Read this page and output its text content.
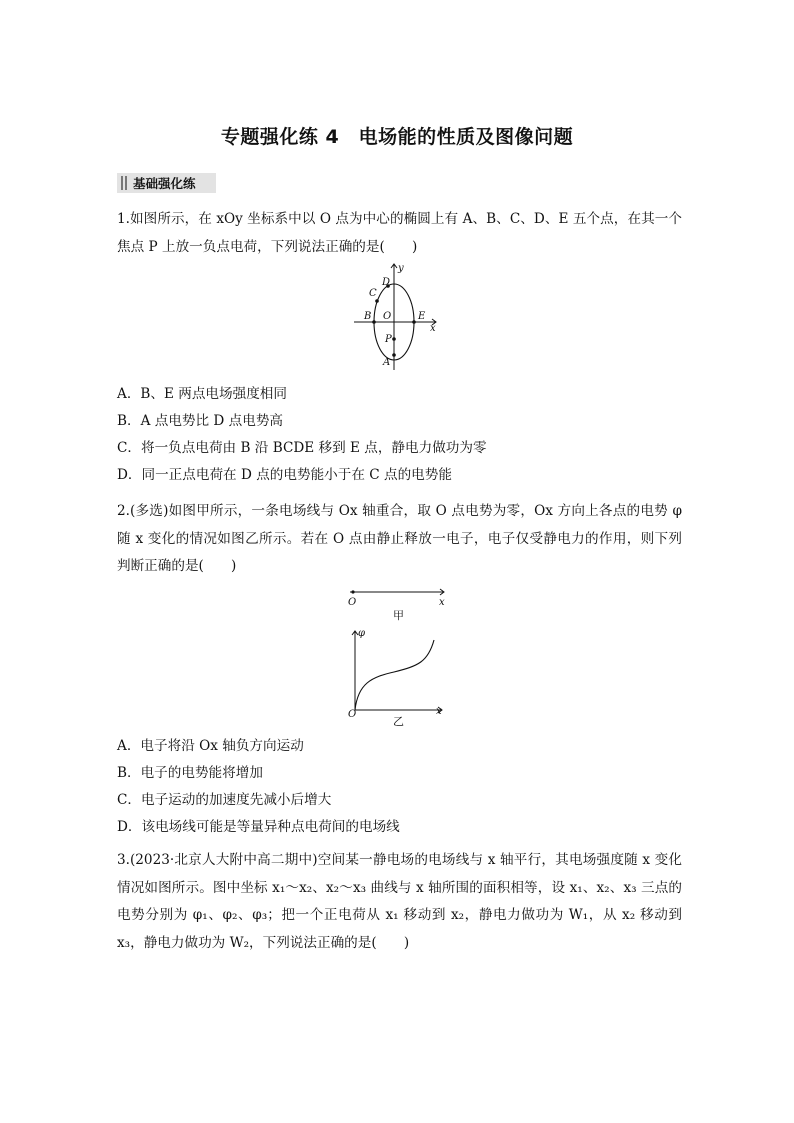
专题强化练 4　电场能的性质及图像问题
基础强化练
1.如图所示，在 xOy 坐标系中以 O 点为中心的椭圆上有 A、B、C、D、E 五个点，在其一个焦点 P 上放一负点电荷，下列说法正确的是(　　)
y
D
C
B O	E
x
P
A
A．B、E 两点电场强度相同
B．A 点电势比 D 点电势高
C．将一负点电荷由 B 沿 BCDE 移到 E 点，静电力做功为零
D．同一正点电荷在 D 点的电势能小于在 C 点的电势能
2.(多选)如图甲所示，一条电场线与 Ox 轴重合，取 O 点电势为零，Ox 方向上各点的电势 φ 随 x 变化的情况如图乙所示。若在 O 点由静止释放一电子，电子仅受静电力的作用，则下列判断正确的是(　　)
O	x
甲
φ
O	x
乙
A．电子将沿 Ox 轴负方向运动
B．电子的电势能将增加
C．电子运动的加速度先减小后增大
D．该电场线可能是等量异种点电荷间的电场线
3.(2023·北京人大附中高二期中)空间某一静电场的电场线与 x 轴平行，其电场强度随 x 变化情况如图所示。图中坐标 x₁～x₂、x₂～x₃ 曲线与 x 轴所围的面积相等，设 x₁、x₂、x₃ 三点的电势分别为 φ₁、φ₂、φ₃；把一个正电荷从 x₁ 移动到 x₂，静电力做功为 W₁，从 x₂ 移动到 x₃，静电力做功为 W₂，下列说法正确的是(　　)
